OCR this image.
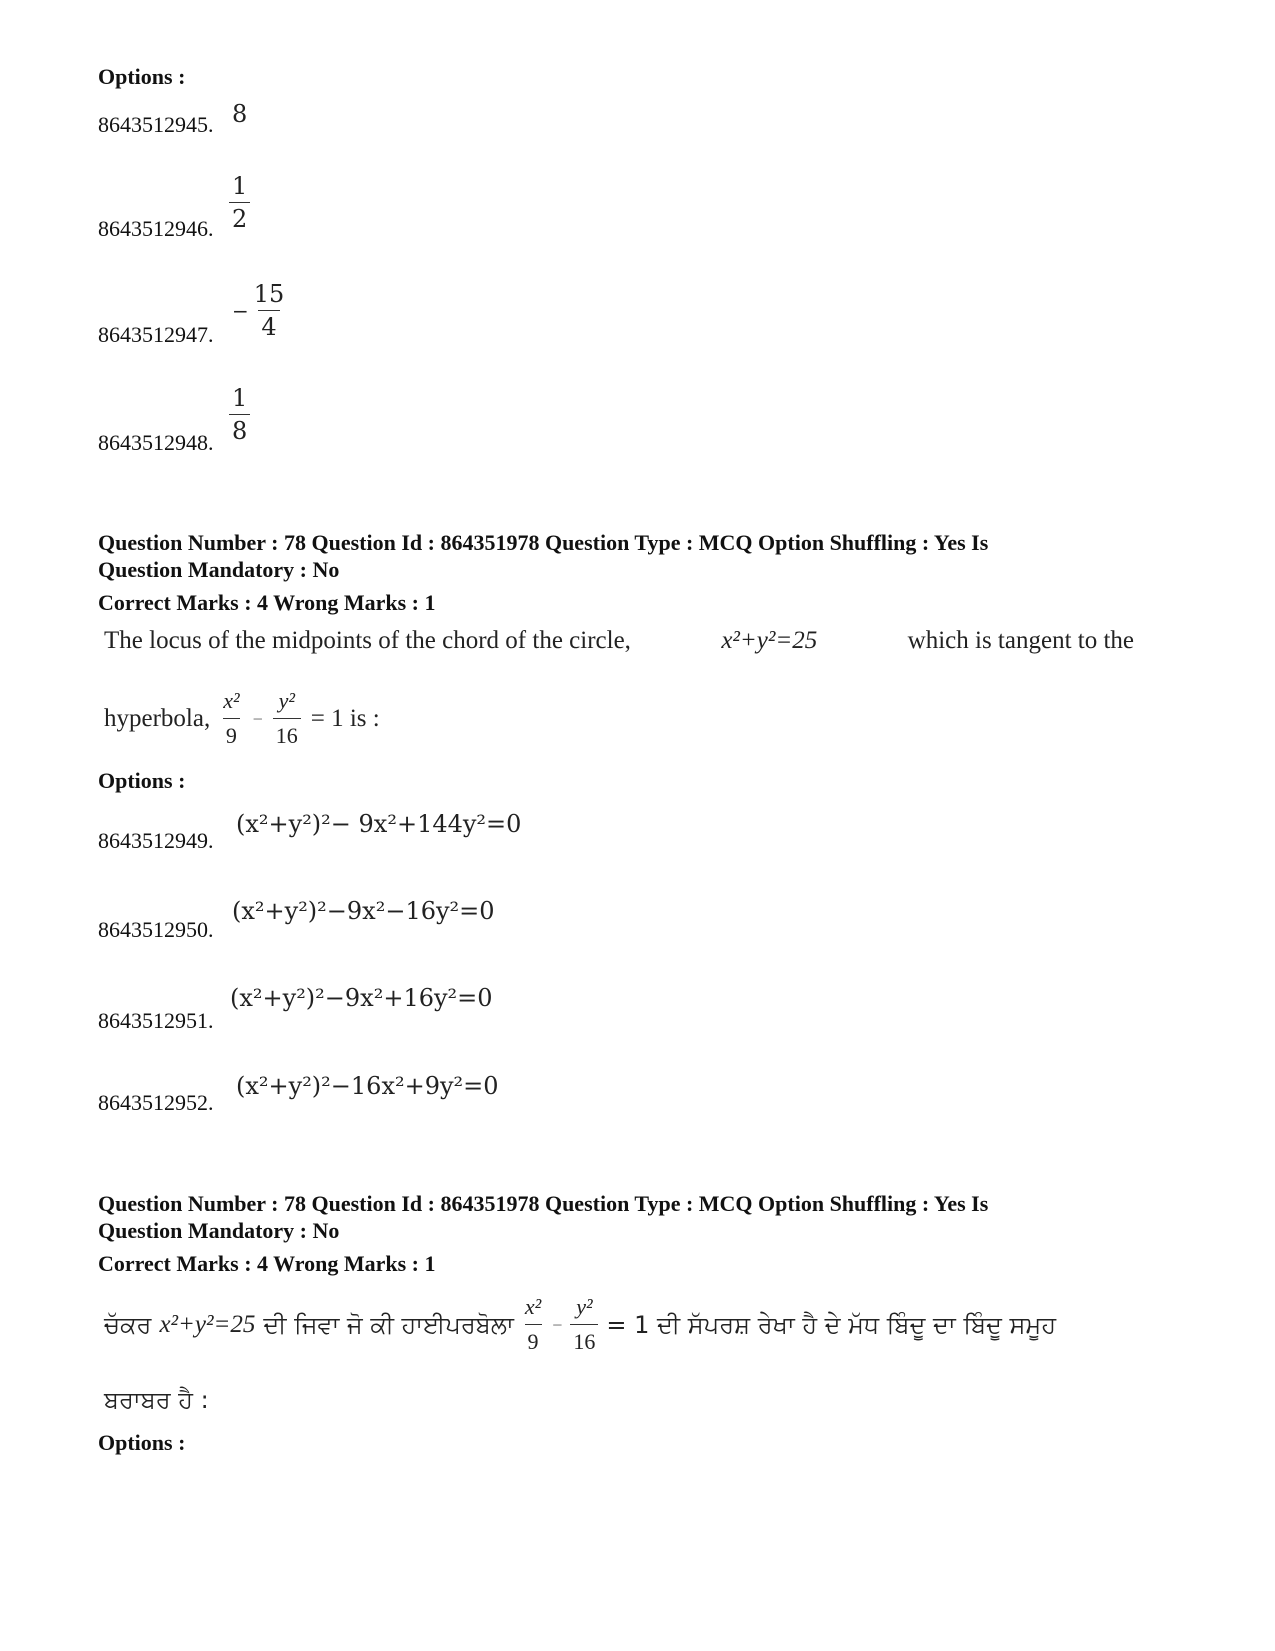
Options :
8643512945. 8
8643512946. $\frac{1}{2}$
8643512947.
− $\frac{15}{4}$
8643512948. $\frac{1}{8}$
Question Number : 78 Question Id : 864351978 Question Type : MCQ Option Shuffling : Yes Is
Question Mandatory : No
Correct Marks : 4 Wrong Marks : 1
The locus of the midpoints of the chord of the circle,	x²+y²=25	which is tangent to the
hyperbola, $\frac{\text{x²}}{9} - \frac{\text{y²}}{16} = 1$ is :
Options :
8643512949.
(x²+y²)²− 9x²+144y²=0
8643512950.
(x²+y²)²−9x²−16y²=0
8643512951.
(x²+y²)²−9x²+16y²=0
8643512952.
(x²+y²)²−16x²+9y²=0
Question Number : 78 Question Id : 864351978 Question Type : MCQ Option Shuffling : Yes Is
Question Mandatory : No
Correct Marks : 4 Wrong Marks : 1
ਚੱਕਰ x²+y²=25 ਦੀ ਜਿਵਾ ਜੋ ਕੀ ਹਾਈਪਰਬੋਲਾ $\frac{\text{x²}}{9} - \frac{\text{y²}}{16} = 1$ ਦੀ ਸੱਪਰਸ਼ ਰੇਖਾ ਹੈ ਦੇ ਮੱਧ ਬਿੰਦੂ ਦਾ ਬਿੰਦੂ ਸਮੂਹ
ਬਰਾਬਰ ਹੈ :
Options :
